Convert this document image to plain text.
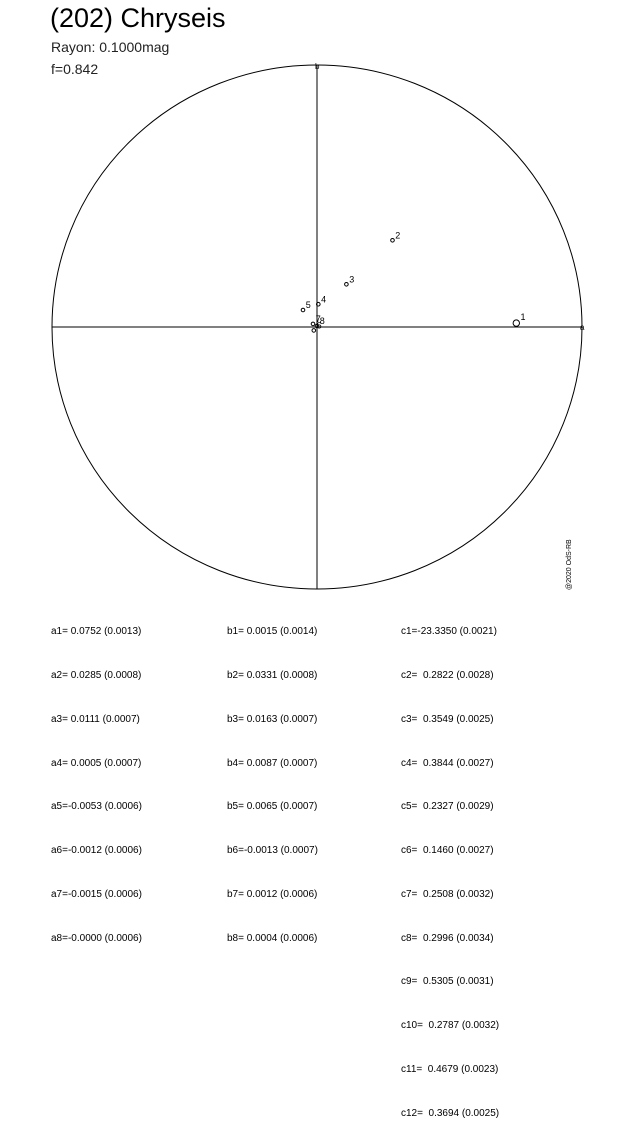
(202) Chryseis
Rayon: 0.1000mag
f=0.842
a
b
1
2
3
4
5
6
7
8

a1= 0.0752 (0.0013)

a2= 0.0285 (0.0008)

a3= 0.0111 (0.0007)

a4= 0.0005 (0.0007)

a5=-0.0053 (0.0006)

a6=-0.0012 (0.0006)

a7=-0.0015 (0.0006)

a8=-0.0000 (0.0006)

b1= 0.0015 (0.0014)

b2= 0.0331 (0.0008)

b3= 0.0163 (0.0007)

b4= 0.0087 (0.0007)

b5= 0.0065 (0.0007)

b6=-0.0013 (0.0007)

b7= 0.0012 (0.0006)

b8= 0.0004 (0.0006)

c1=-23.3350 (0.0021)

c2=  0.2822 (0.0028)

c3=  0.3549 (0.0025)

c4=  0.3844 (0.0027)

c5=  0.2327 (0.0029)

c6=  0.1460 (0.0027)

c7=  0.2508 (0.0032)

c8=  0.2996 (0.0034)

c9=  0.5305 (0.0031)

c10=  0.2787 (0.0032)

c11=  0.4679 (0.0023)

c12=  0.3694 (0.0025)

@2020 OdS-RB
